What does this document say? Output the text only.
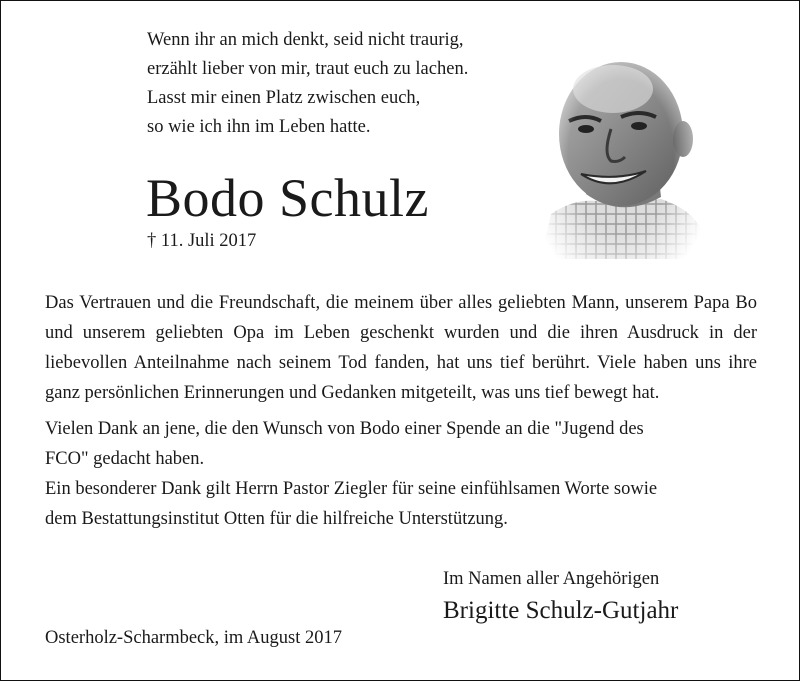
Wenn ihr an mich denkt, seid nicht traurig,
erzählt lieber von mir, traut euch zu lachen.
Lasst mir einen Platz zwischen euch,
so wie ich ihn im Leben hatte.
Bodo Schulz
† 11. Juli 2017
Das Vertrauen und die Freundschaft, die meinem über alles geliebten Mann, unserem Papa Bo und unserem geliebten Opa im Leben geschenkt wurden und die ihren Ausdruck in der liebevollen Anteilnahme nach seinem Tod fanden, hat uns tief berührt. Viele haben uns ihre ganz persönlichen Erinnerungen und Gedanken mitgeteilt, was uns tief bewegt hat.
Vielen Dank an jene, die den Wunsch von Bodo einer Spende an die "Jugend des
FCO" gedacht haben.
Ein besonderer Dank gilt Herrn Pastor Ziegler für seine einfühlsamen Worte sowie
dem Bestattungsinstitut Otten für die hilfreiche Unterstützung.
Im Namen aller Angehörigen
Brigitte Schulz-Gutjahr
Osterholz-Scharmbeck, im August 2017
